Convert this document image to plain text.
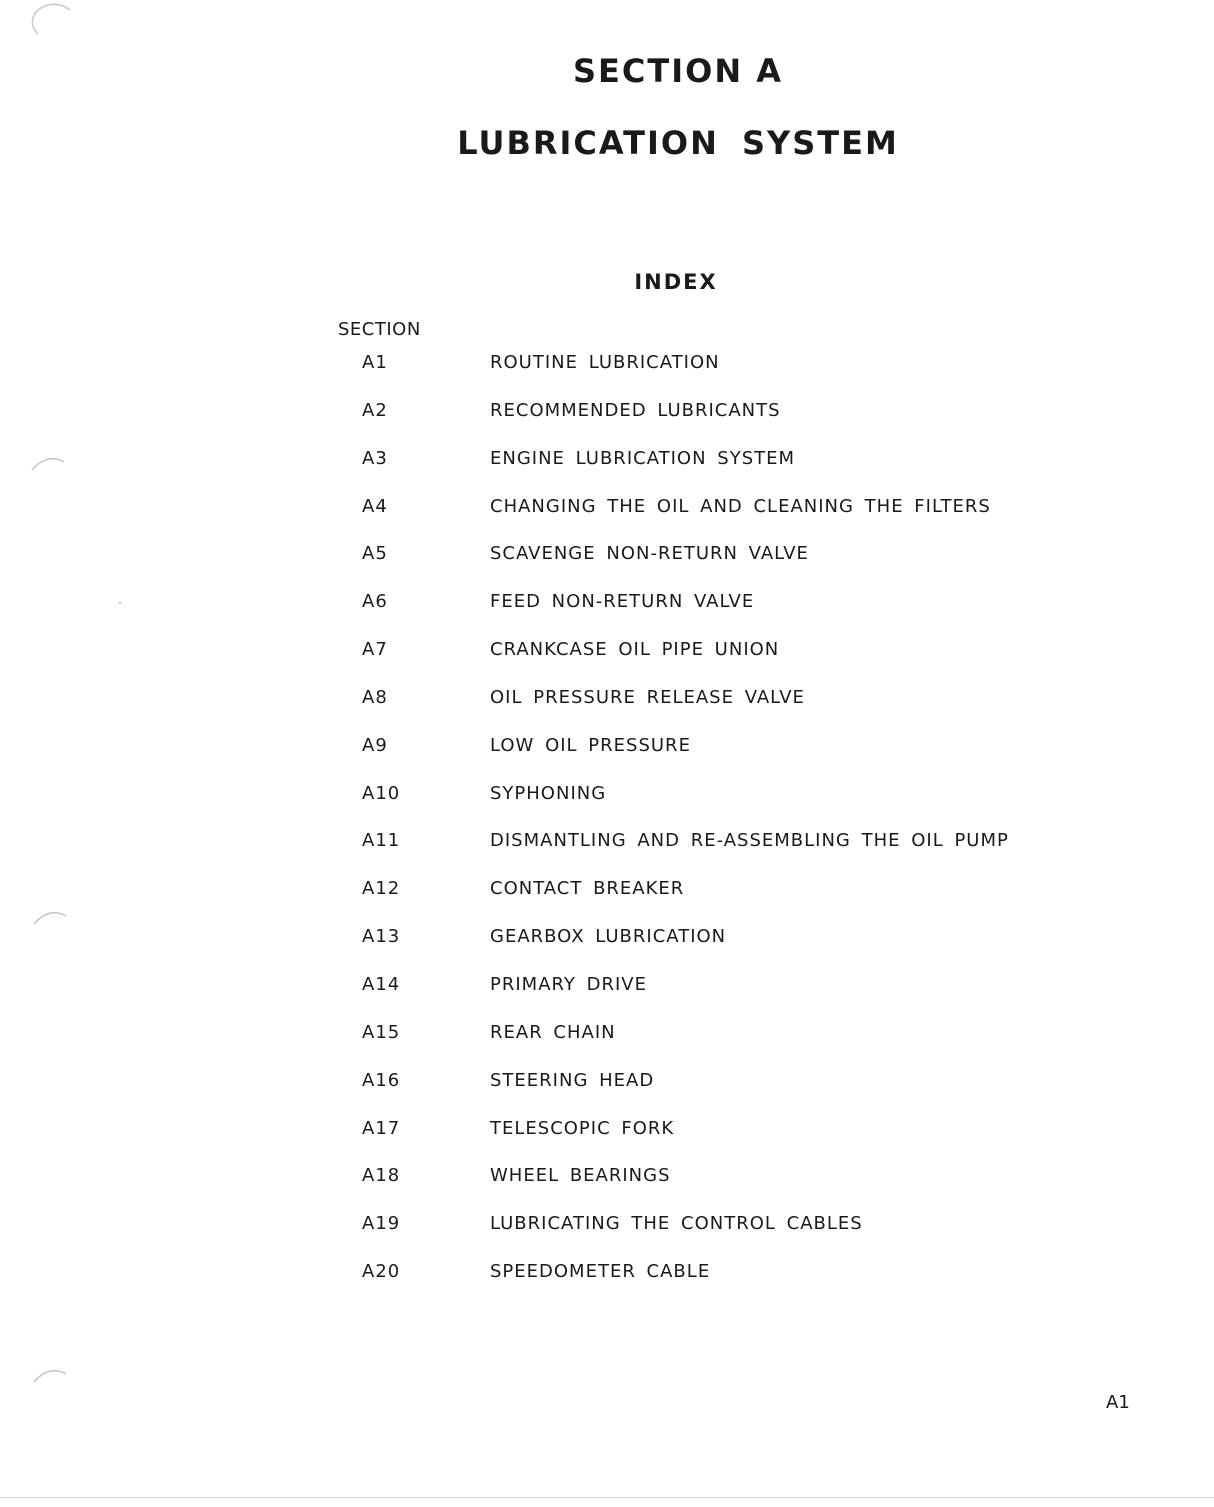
SECTION A
LUBRICATION SYSTEM
INDEX
SECTION
A1	ROUTINE LUBRICATION
A2	RECOMMENDED LUBRICANTS
A3	ENGINE LUBRICATION SYSTEM
A4	CHANGING THE OIL AND CLEANING THE FILTERS
A5	SCAVENGE NON-RETURN VALVE
A6	FEED NON-RETURN VALVE
A7	CRANKCASE OIL PIPE UNION
A8	OIL PRESSURE RELEASE VALVE
A9	LOW OIL PRESSURE
A10	SYPHONING
A11	DISMANTLING AND RE-ASSEMBLING THE OIL PUMP
A12	CONTACT BREAKER
A13	GEARBOX LUBRICATION
A14	PRIMARY DRIVE
A15	REAR CHAIN
A16	STEERING HEAD
A17	TELESCOPIC FORK
A18	WHEEL BEARINGS
A19	LUBRICATING THE CONTROL CABLES
A20	SPEEDOMETER CABLE
A1
